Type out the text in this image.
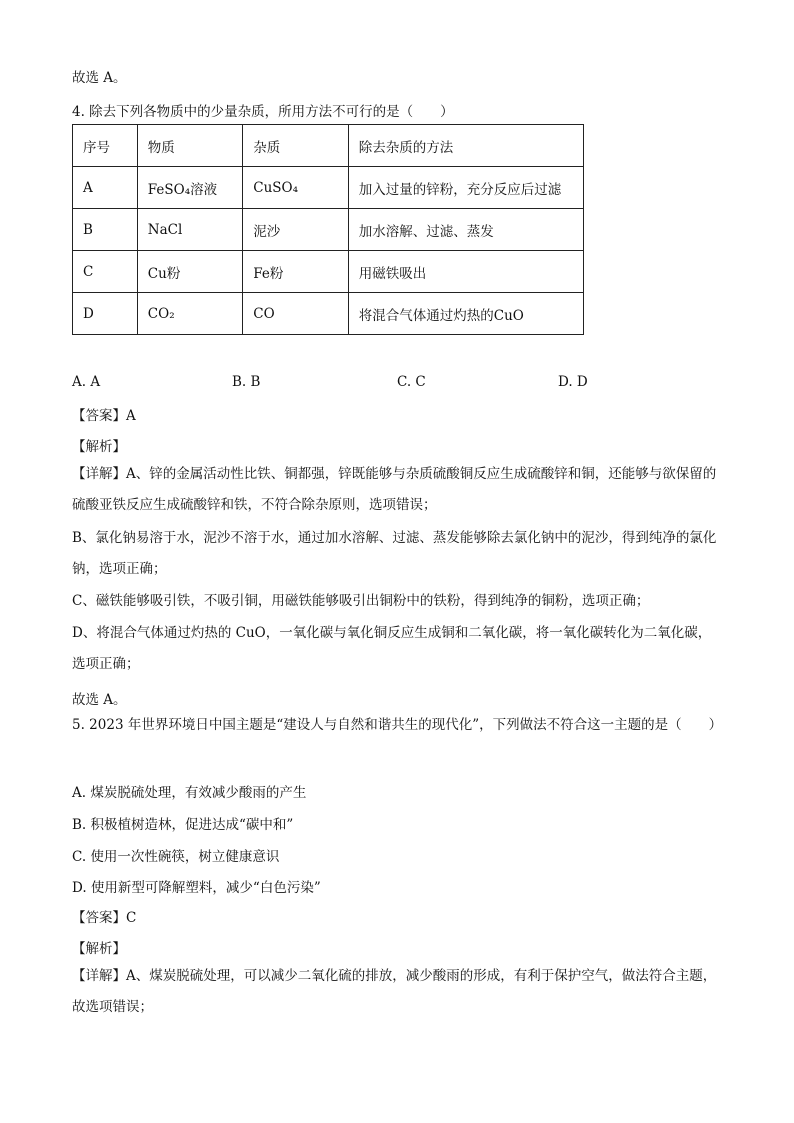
故选 A。
4. 除去下列各物质中的少量杂质，所用方法不可行的是（　　）
序号	物质	杂质	除去杂质的方法
A	FeSO₄溶液	CuSO₄	加入过量的锌粉，充分反应后过滤
B	NaCl	泥沙	加水溶解、过滤、蒸发
C	Cu粉	Fe粉	用磁铁吸出
D	CO₂	CO	将混合气体通过灼热的CuO
A. A	B. B	C. C	D. D
【答案】A
【解析】
【详解】A、锌的金属活动性比铁、铜都强，锌既能够与杂质硫酸铜反应生成硫酸锌和铜，还能够与欲保留的硫酸亚铁反应生成硫酸锌和铁，不符合除杂原则，选项错误；
B、氯化钠易溶于水，泥沙不溶于水，通过加水溶解、过滤、蒸发能够除去氯化钠中的泥沙，得到纯净的氯化钠，选项正确；
C、磁铁能够吸引铁，不吸引铜，用磁铁能够吸引出铜粉中的铁粉，得到纯净的铜粉，选项正确；
D、将混合气体通过灼热的 CuO，一氧化碳与氧化铜反应生成铜和二氧化碳，将一氧化碳转化为二氧化碳，选项正确；
故选 A。
5. 2023 年世界环境日中国主题是“建设人与自然和谐共生的现代化”，下列做法不符合这一主题的是（　　）
A. 煤炭脱硫处理，有效减少酸雨的产生
B. 积极植树造林，促进达成“碳中和”
C. 使用一次性碗筷，树立健康意识
D. 使用新型可降解塑料，减少“白色污染”
【答案】C
【解析】
【详解】A、煤炭脱硫处理，可以减少二氧化硫的排放，减少酸雨的形成，有利于保护空气，做法符合主题，故选项错误；
